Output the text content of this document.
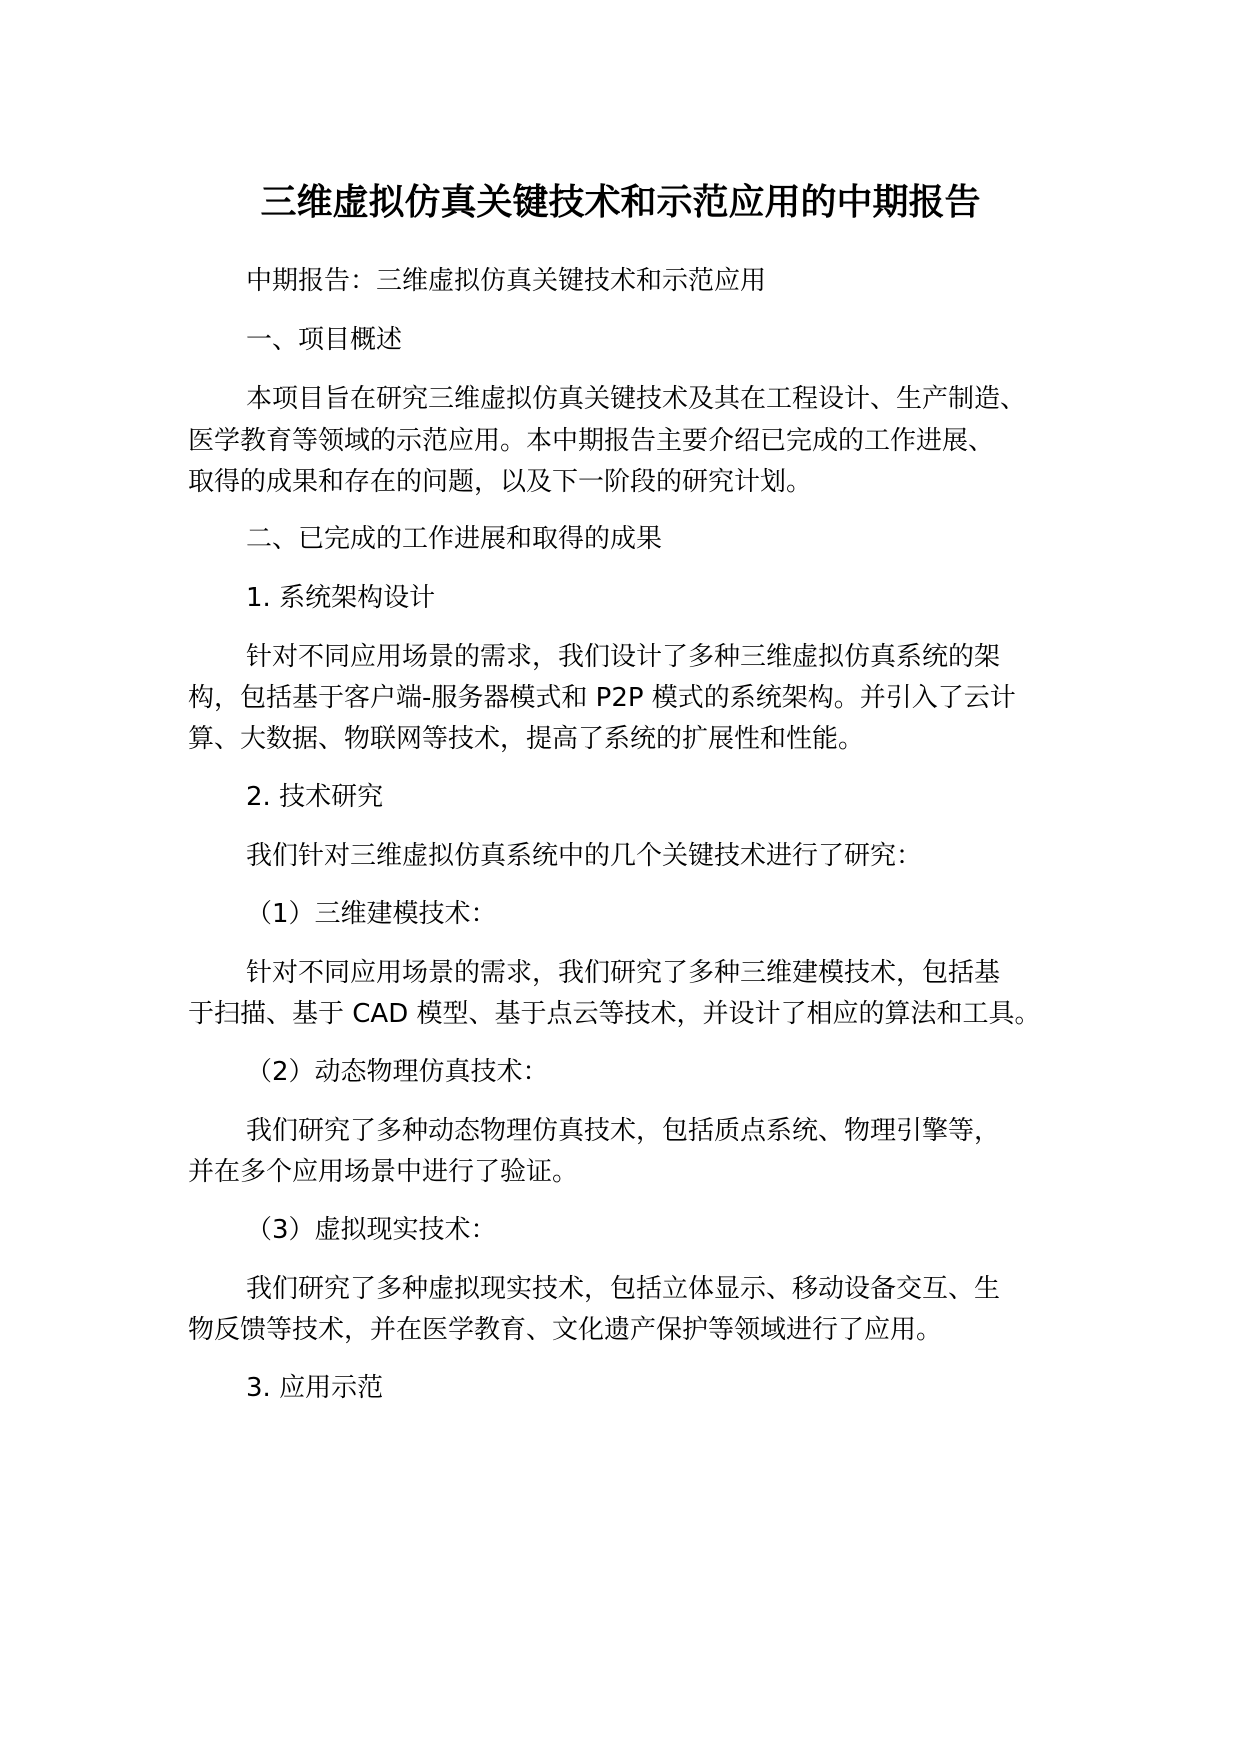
三维虚拟仿真关键技术和示范应用的中期报告
中期报告：三维虚拟仿真关键技术和示范应用
一、项目概述
本项目旨在研究三维虚拟仿真关键技术及其在工程设计、生产制造、
医学教育等领域的示范应用。本中期报告主要介绍已完成的工作进展、
取得的成果和存在的问题，以及下一阶段的研究计划。
二、已完成的工作进展和取得的成果
1. 系统架构设计
针对不同应用场景的需求，我们设计了多种三维虚拟仿真系统的架
构，包括基于客户端-服务器模式和 P2P 模式的系统架构。并引入了云计
算、大数据、物联网等技术，提高了系统的扩展性和性能。
2. 技术研究
我们针对三维虚拟仿真系统中的几个关键技术进行了研究：
（1）三维建模技术：
针对不同应用场景的需求，我们研究了多种三维建模技术，包括基
于扫描、基于 CAD 模型、基于点云等技术，并设计了相应的算法和工具。
（2）动态物理仿真技术：
我们研究了多种动态物理仿真技术，包括质点系统、物理引擎等，
并在多个应用场景中进行了验证。
（3）虚拟现实技术：
我们研究了多种虚拟现实技术，包括立体显示、移动设备交互、生
物反馈等技术，并在医学教育、文化遗产保护等领域进行了应用。
3. 应用示范
